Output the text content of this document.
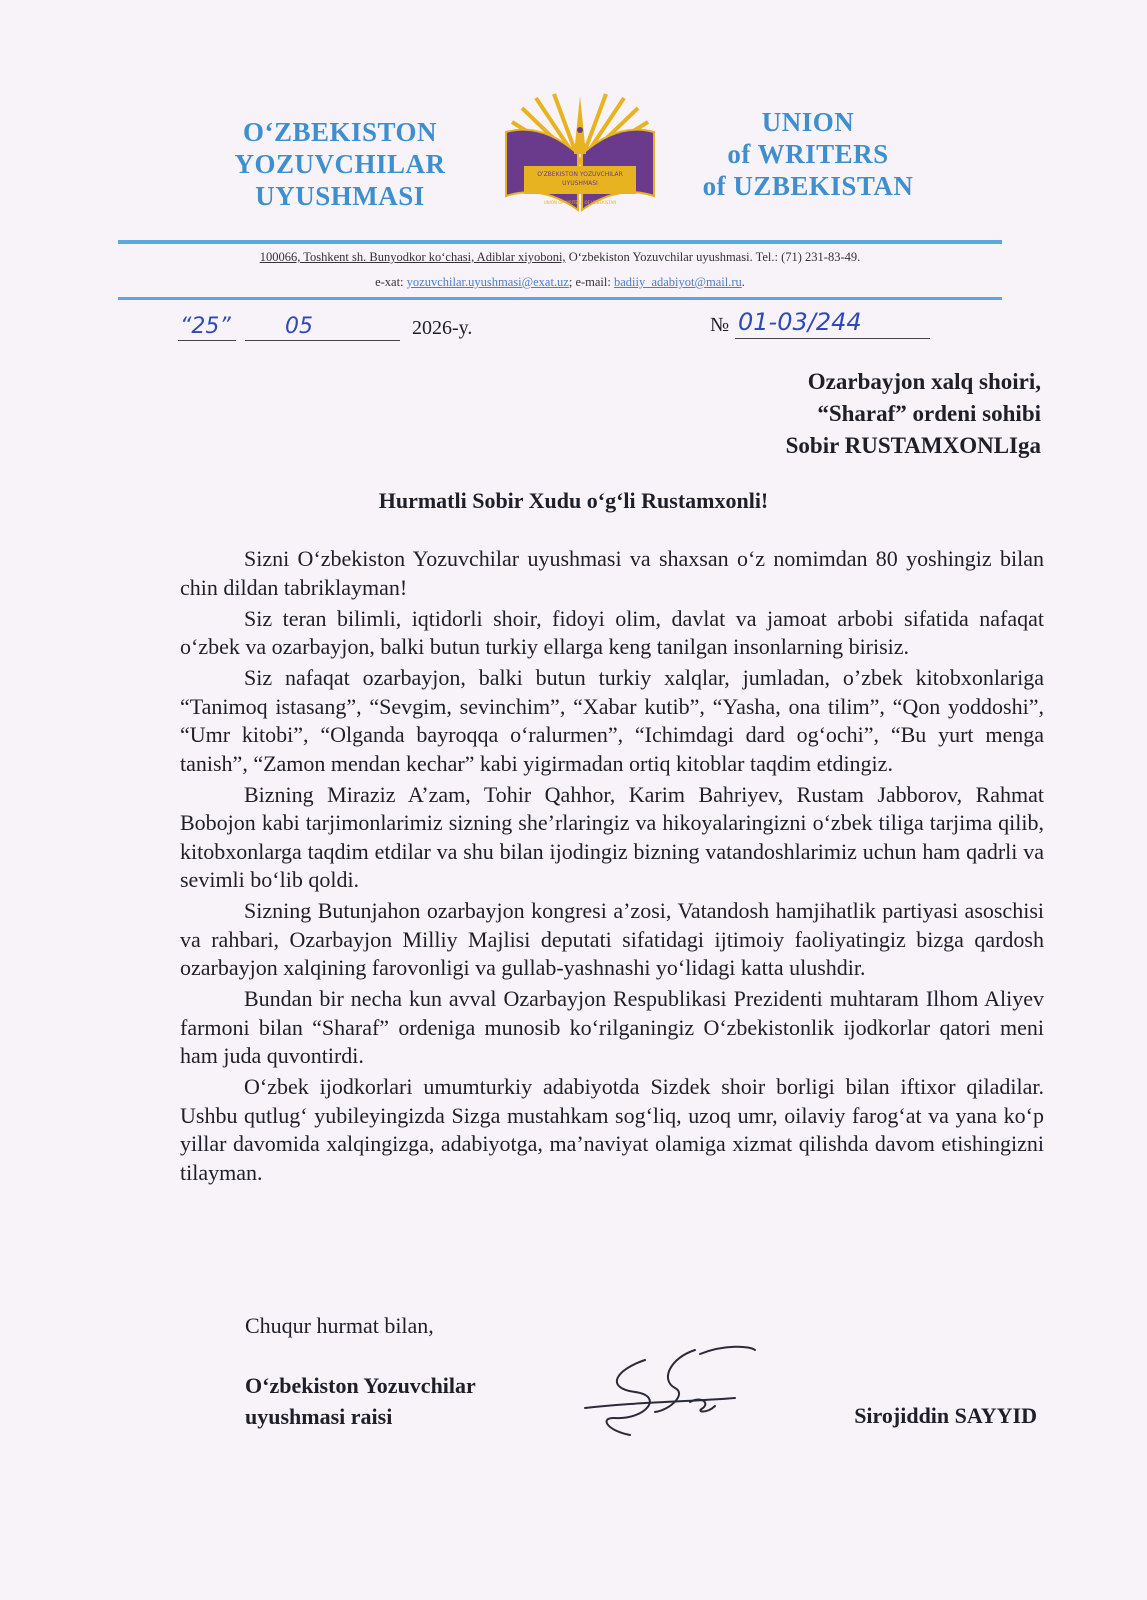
O‘ZBEKISTON
YOZUVCHILAR
UYUSHMASI
O'ZBEKISTON YOZUVCHILAR
UYUSHMASI
UNION OF WRITERS OF UZBEKISTAN
UNION
of WRITERS
of UZBEKISTAN
100066, Toshkent sh. Bunyodkor ko‘chasi, Adiblar xiyoboni, O‘zbekiston Yozuvchilar uyushmasi. Tel.: (71) 231-83-49.
e-xat: yozuvchilar.uyushmasi@exat.uz; e-mail: badiiy_adabiyot@mail.ru.
“25” 05	2026-y.	№ 01-03/244
Ozarbayjon xalq shoiri,
“Sharaf” ordeni sohibi
Sobir RUSTAMXONLIga
Hurmatli Sobir Xudu o‘g‘li Rustamxonli!

Sizni O‘zbekiston Yozuvchilar uyushmasi va shaxsan o‘z nomimdan 80 yoshingiz bilan chin dildan tabriklayman!

Siz teran bilimli, iqtidorli shoir, fidoyi olim, davlat va jamoat arbobi sifatida nafaqat o‘zbek va ozarbayjon, balki butun turkiy ellarga keng tanilgan insonlarning birisiz.

Siz nafaqat ozarbayjon, balki butun turkiy xalqlar, jumladan, o’zbek kitobxonlariga “Tanimoq istasang”, “Sevgim, sevinchim”, “Xabar kutib”, “Yasha, ona tilim”, “Qon yoddoshi”, “Umr kitobi”, “Olganda bayroqqa o‘ralurmen”, “Ichimdagi dard og‘ochi”, “Bu yurt menga tanish”, “Zamon mendan kechar” kabi yigirmadan ortiq kitoblar taqdim etdingiz.

Bizning Miraziz A’zam, Tohir Qahhor, Karim Bahriyev, Rustam Jabborov, Rahmat Bobojon kabi tarjimonlarimiz sizning she’rlaringiz va hikoyalaringizni o‘zbek tiliga tarjima qilib, kitobxonlarga taqdim etdilar va shu bilan ijodingiz bizning vatandoshlarimiz uchun ham qadrli va sevimli bo‘lib qoldi.

Sizning Butunjahon ozarbayjon kongresi a’zosi, Vatandosh hamjihatlik partiyasi asoschisi va rahbari, Ozarbayjon Milliy Majlisi deputati sifatidagi ijtimoiy faoliyatingiz bizga qardosh ozarbayjon xalqining farovonligi va gullab-yashnashi yo‘lidagi katta ulushdir.

Bundan bir necha kun avval Ozarbayjon Respublikasi Prezidenti muhtaram Ilhom Aliyev farmoni bilan “Sharaf” ordeniga munosib ko‘rilganingiz O‘zbekistonlik ijodkorlar qatori meni ham juda quvontirdi.

O‘zbek ijodkorlari umumturkiy adabiyotda Sizdek shoir borligi bilan iftixor qiladilar. Ushbu qutlug‘ yubileyingizda Sizga mustahkam sog‘liq, uzoq umr, oilaviy farog‘at va yana ko‘p yillar davomida xalqingizga, adabiyotga, ma’naviyat olamiga xizmat qilishda davom etishingizni tilayman.

Chuqur hurmat bilan,
O‘zbekiston Yozuvchilar
uyushmasi raisi	Sirojiddin SAYYID
